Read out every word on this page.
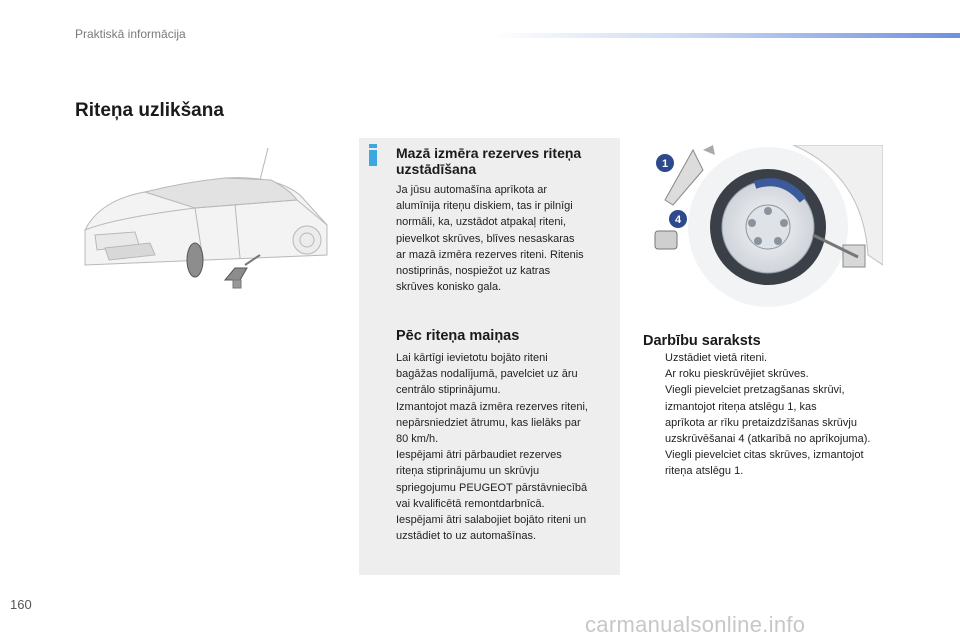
Praktiskā informācija
Riteņa uzlikšana
Mazā izmēra rezerves riteņa uzstādīšana
Ja jūsu automašīna aprīkota ar
alumīnija riteņu diskiem, tas ir pilnīgi
normāli, ka, uzstādot atpakaļ riteni,
pievelkot skrūves, blīves nesaskaras
ar mazā izmēra rezerves riteni. Ritenis
nostiprinās, nospiežot uz katras
skrūves konisko gala.
Pēc riteņa maiņas
Lai kārtīgi ievietotu bojāto riteni
bagāžas nodalījumā, pavelciet uz āru
centrālo stiprinājumu.
Izmantojot mazā izmēra rezerves riteni,
nepārsniedziet ātrumu, kas lielāks par
80 km/h.
Iespējami ātri pārbaudiet rezerves
riteņa stiprinājumu un skrūvju
spriegojumu PEUGEOT pārstāvniecībā
vai kvalificētā remontdarbnīcā.
Iespējami ātri salabojiet bojāto riteni un
uzstādiet to uz automašīnas.
1
4
Darbību saraksts
Uzstādiet vietā riteni.
Ar roku pieskrūvējiet skrūves.
Viegli pievelciet pretzagšanas skrūvi,
izmantojot riteņa atslēgu 1, kas
aprīkota ar rīku pretaizdzīšanas skrūvju
uzskrūvēšanai 4 (atkarībā no aprīkojuma).
Viegli pievelciet citas skrūves, izmantojot
riteņa atslēgu 1.
160
carmanualsonline.info
